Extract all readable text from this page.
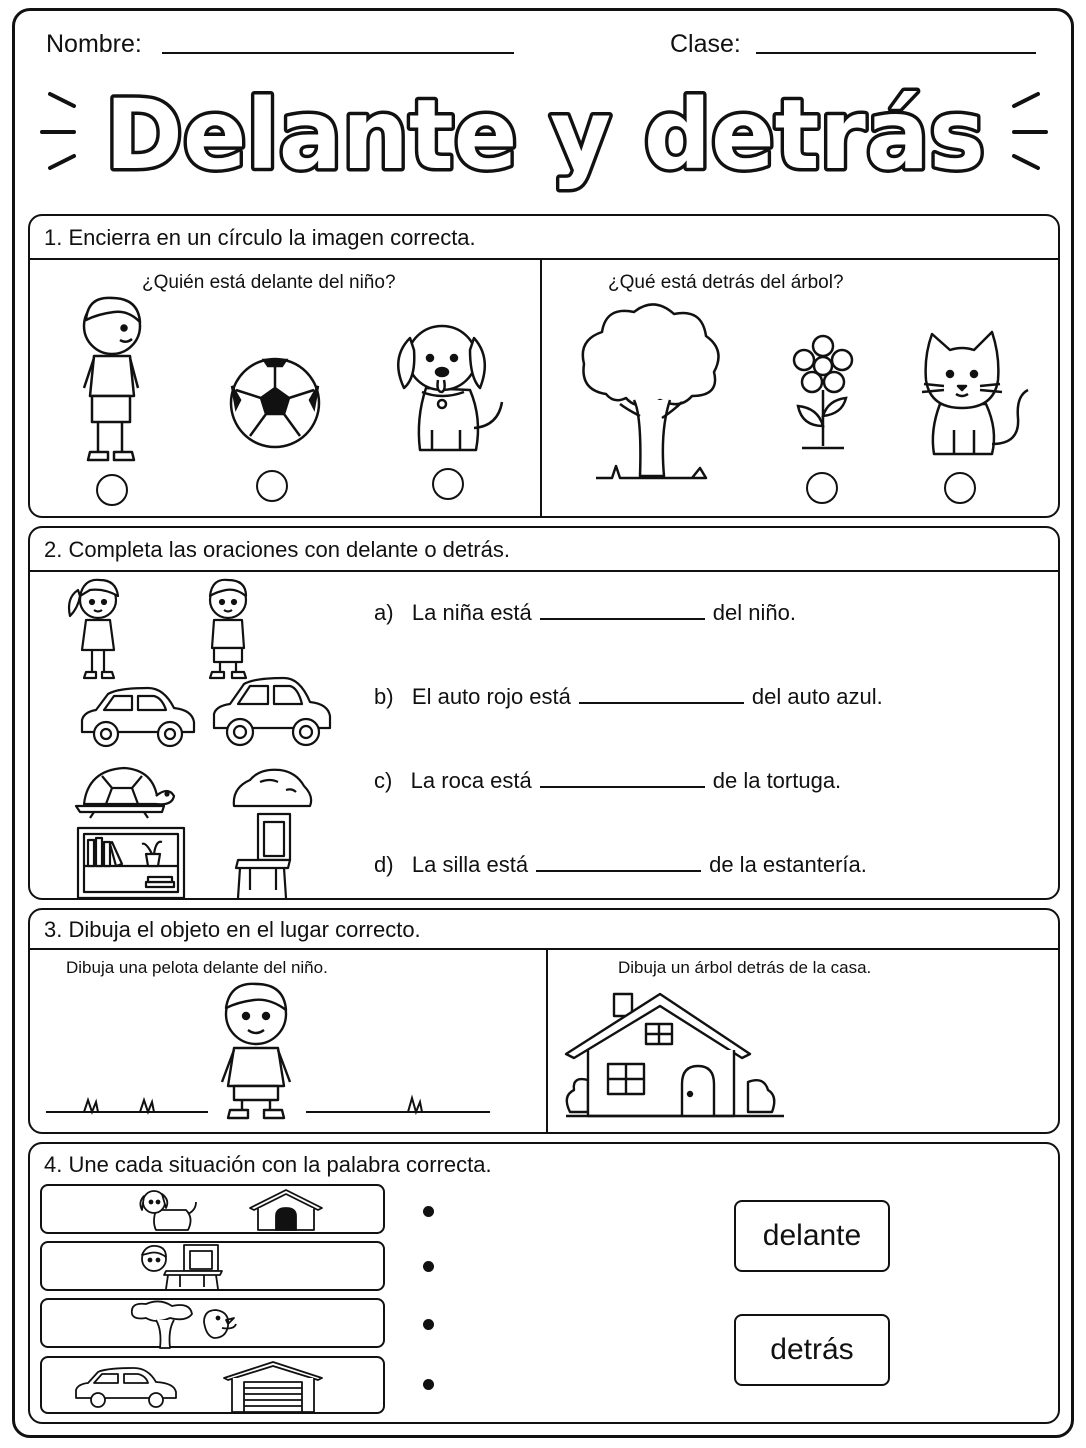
Nombre:	Clase:
Delante y detrás
1. Encierra en un círculo la imagen correcta.
¿Quién está delante del niño?	¿Qué está detrás del árbol?
2. Completa las oraciones con delante o detrás.
a) La niña está	del niño.
b) El auto rojo está	del auto azul.
c) La roca está	de la tortuga.
d) La silla está	de la estantería.
3. Dibuja el objeto en el lugar correcto.
Dibuja una pelota delante del niño.	Dibuja un árbol detrás de la casa.
4. Une cada situación con la palabra correcta.
delante
detrás
